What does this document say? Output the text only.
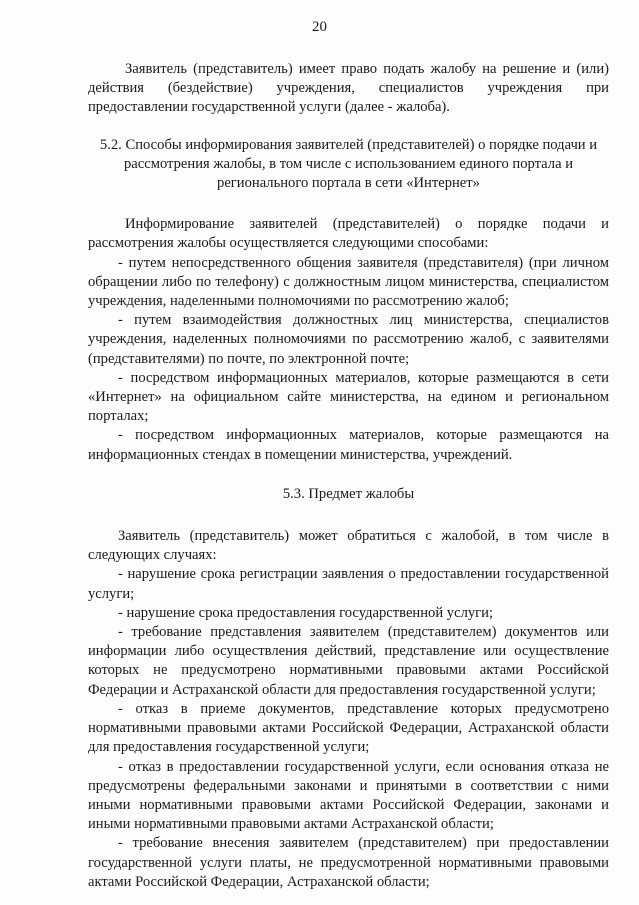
20

Заявитель (представитель) имеет право подать жалобу на решение и (или) действия (бездействие) учреждения, специалистов учреждения при предоставлении государственной услуги (далее - жалоба).

5.2. Способы информирования заявителей (представителей) о порядке подачи и рассмотрения жалобы, в том числе с использованием единого портала и регионального портала в сети «Интернет»

Информирование заявителей (представителей) о порядке подачи и рассмотрения жалобы осуществляется следующими способами:

- путем непосредственного общения заявителя (представителя) (при личном обращении либо по телефону) с должностным лицом министерства, специалистом учреждения, наделенными полномочиями по рассмотрению жалоб;

- путем взаимодействия должностных лиц министерства, специалистов учреждения, наделенных полномочиями по рассмотрению жалоб, с заявителями (представителями) по почте, по электронной почте;

- посредством информационных материалов, которые размещаются в сети «Интернет» на официальном сайте министерства, на едином и региональном порталах;

- посредством информационных материалов, которые размещаются на информационных стендах в помещении министерства, учреждений.

5.3. Предмет жалобы

Заявитель (представитель) может обратиться с жалобой, в том числе в следующих случаях:

- нарушение срока регистрации заявления о предоставлении государственной услуги;

- нарушение срока предоставления государственной услуги;

- требование представления заявителем (представителем) документов или информации либо осуществления действий, представление или осуществление которых не предусмотрено нормативными правовыми актами Российской Федерации и Астраханской области для предоставления государственной услуги;

- отказ в приеме документов, представление которых предусмотрено нормативными правовыми актами Российской Федерации, Астраханской области для предоставления государственной услуги;

- отказ в предоставлении государственной услуги, если основания отказа не предусмотрены федеральными законами и принятыми в соответствии с ними иными нормативными правовыми актами Российской Федерации, законами и иными нормативными правовыми актами Астраханской области;

- требование внесения заявителем (представителем) при предоставлении государственной услуги платы, не предусмотренной нормативными правовыми актами Российской Федерации, Астраханской области;
